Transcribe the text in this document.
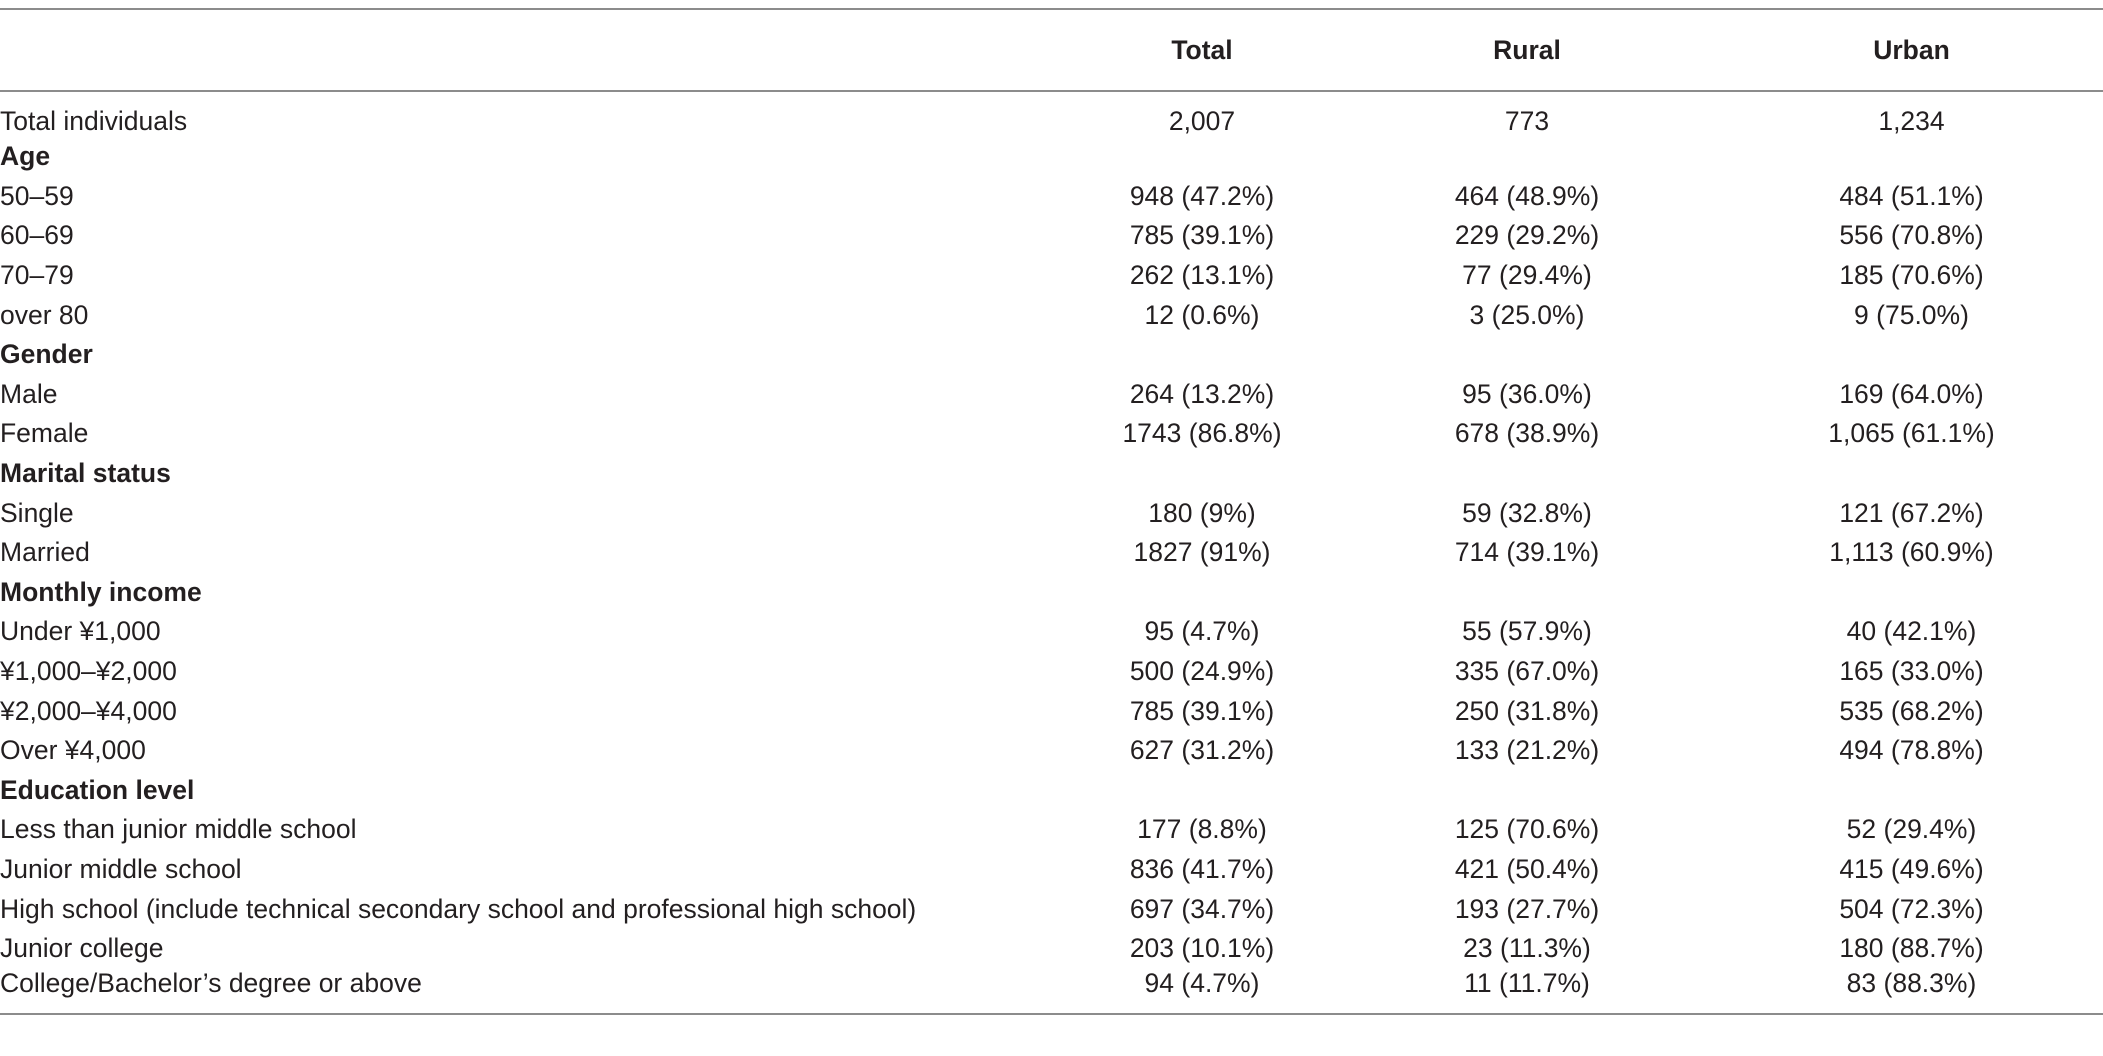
	Total	Rural	Urban
Total individuals	2,007	773	1,234
Age			
50–59	948 (47.2%)	464 (48.9%)	484 (51.1%)
60–69	785 (39.1%)	229 (29.2%)	556 (70.8%)
70–79	262 (13.1%)	77 (29.4%)	185 (70.6%)
over 80	12 (0.6%)	3 (25.0%)	9 (75.0%)
Gender			
Male	264 (13.2%)	95 (36.0%)	169 (64.0%)
Female	1743 (86.8%)	678 (38.9%)	1,065 (61.1%)
Marital status			
Single	180 (9%)	59 (32.8%)	121 (67.2%)
Married	1827 (91%)	714 (39.1%)	1,113 (60.9%)
Monthly income			
Under ¥1,000	95 (4.7%)	55 (57.9%)	40 (42.1%)
¥1,000–¥2,000	500 (24.9%)	335 (67.0%)	165 (33.0%)
¥2,000–¥4,000	785 (39.1%)	250 (31.8%)	535 (68.2%)
Over ¥4,000	627 (31.2%)	133 (21.2%)	494 (78.8%)
Education level			
Less than junior middle school	177 (8.8%)	125 (70.6%)	52 (29.4%)
Junior middle school	836 (41.7%)	421 (50.4%)	415 (49.6%)
High school (include technical secondary school and professional high school)	697 (34.7%)	193 (27.7%)	504 (72.3%)
Junior college	203 (10.1%)	23 (11.3%)	180 (88.7%)
College/Bachelor’s degree or above	94 (4.7%)	11 (11.7%)	83 (88.3%)
